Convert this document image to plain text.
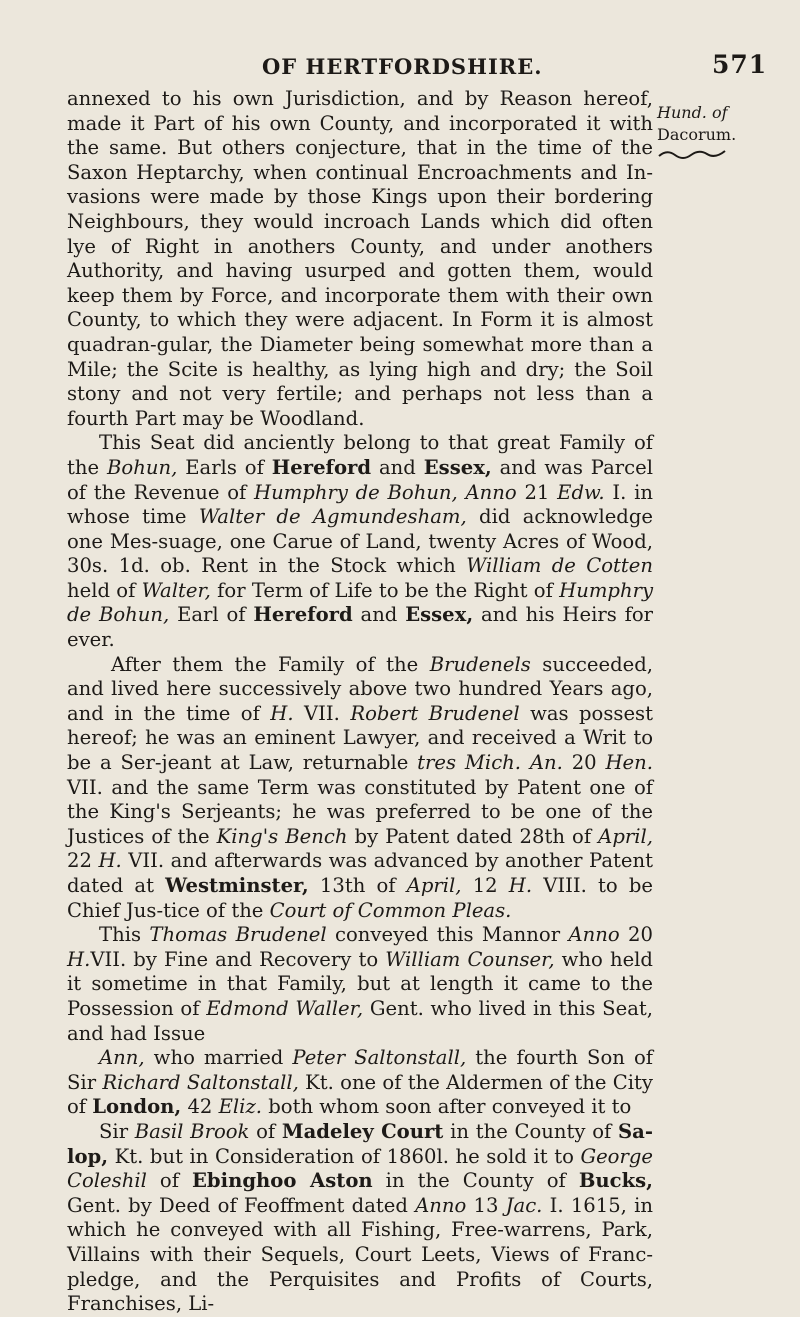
OF HERTFORDSHIRE.	571
Hund. of
Dacorum.

annexed to his own Jurisdiction, and by Reason hereof, made it Part of his own County, and incorporated it with the same. But others conjecture, that in the time of the Saxon Heptarchy, when continual Encroachments and In-vasions were made by those Kings upon their bordering Neighbours, they would incroach Lands which did often lye of Right in anothers County, and under anothers Authority, and having usurped and gotten them, would keep them by Force, and incorporate them with their own County, to which they were adjacent. In Form it is almost quadran-gular, the Diameter being somewhat more than a Mile; the Scite is healthy, as lying high and dry; the Soil stony and not very fertile; and perhaps not less than a fourth Part may be Woodland.

This Seat did anciently belong to that great Family of the Bohun, Earls of Hereford and Essex, and was Parcel of the Revenue of Humphry de Bohun, Anno 21 Edw. I. in whose time Walter de Agmundesham, did acknowledge one Mes-suage, one Carue of Land, twenty Acres of Wood, 30s. 1d. ob. Rent in the Stock which William de Cotten held of Walter, for Term of Life to be the Right of Humphry de Bohun, Earl of Hereford and Essex, and his Heirs for ever.

After them the Family of the Brudenels succeeded, and lived here successively above two hundred Years ago, and in the time of H. VII. Robert Brudenel was possest hereof; he was an eminent Lawyer, and received a Writ to be a Ser-jeant at Law, returnable tres Mich. An. 20 Hen. VII. and the same Term was constituted by Patent one of the King's Serjeants; he was preferred to be one of the Justices of the King's Bench by Patent dated 28th of April, 22 H. VII. and afterwards was advanced by another Patent dated at Westminster, 13th of April, 12 H. VIII. to be Chief Jus-tice of the Court of Common Pleas.

This Thomas Brudenel conveyed this Mannor Anno 20 H.VII. by Fine and Recovery to William Counser, who held it sometime in that Family, but at length it came to the Possession of Edmond Waller, Gent. who lived in this Seat, and had Issue

Ann, who married Peter Saltonstall, the fourth Son of Sir Richard Saltonstall, Kt. one of the Aldermen of the City of London, 42 Eliz. both whom soon after conveyed it to

Sir Basil Brook of Madeley Court in the County of Sa-lop, Kt. but in Consideration of 1860l. he sold it to George Coleshil of Ebinghoo Aston in the County of Bucks, Gent. by Deed of Feoffment dated Anno 13 Jac. I. 1615, in which he conveyed with all Fishing, Free-warrens, Park, Villains with their Sequels, Court Leets, Views of Franc-pledge, and the Perquisites and Profits of Courts, Franchises, Li-
